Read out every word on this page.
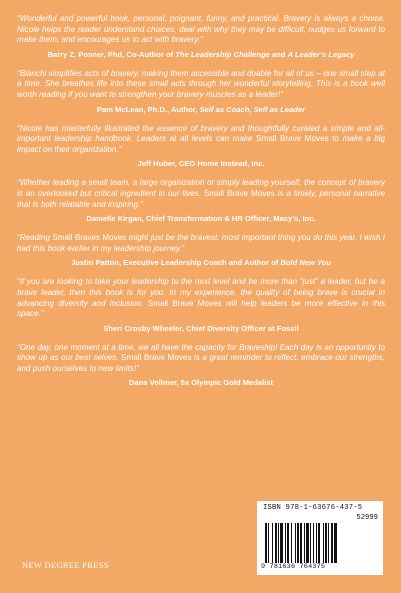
“Wonderful and powerful book, personal, poignant, funny, and practical. Bravery is always a choice. Nicole helps the reader understand choices, deal with why they may be difficult, nudges us forward to make them, and encourages us to act with bravery.”

Barry Z. Posner, Phd, Co-Author of The Leadership Challenge and A Leader’s Legacy

“Bianchi simplifies acts of bravery, making them accessible and doable for all of us – one small step at a time. She breathes life into these small acts through her wonderful storytelling. This is a book well worth reading if you want to strengthen your bravery muscles as a leader!”

Pam McLean, Ph.D., Author, Self as Coach, Self as Leader

“Nicole has masterfully illustrated the essence of bravery and thoughtfully curated a simple and all-important leadership handbook. Leaders at all levels can make Small Brave Moves to make a big impact on their organization.”

Jeff Huber, CEO Home Instead, Inc.

“Whether leading a small team, a large organization or simply leading yourself, the concept of bravery is an overlooked but critical ingredient in our lives. Small Brave Moves is a timely, personal narrative that is both relatable and inspiring.”

Danielle Kirgan, Chief Transformation & HR Officer, Macy’s, Inc.

“Reading Small Braves Moves might just be the bravest, most important thing you do this year. I wish I had this book earlier in my leadership journey.”

Justin Patton, Executive Leadership Coach and Author of Bold New You

“If you are looking to take your leadership to the next level and be more than “just” a leader, but be a brave leader, then this book is for you. In my experience, the quality of being brave is crucial in advancing diversity and inclusion. Small Brave Moves will help leaders be more effective in this space.”

Sheri Crosby Wheeler, Chief Diversity Officer at Fossil

“One day, one moment at a time, we all have the capacity for Braveship! Each day is an opportunity to show up as our best selves. Small Brave Moves is a great reminder to reflect, embrace our strengths, and push ourselves to new limits!”

Dana Vollmer, 5x Olympic Gold Medalist

NEW DEGREE PRESS
ISBN 978-1-63676-437-5
52999
9 781636 764375
